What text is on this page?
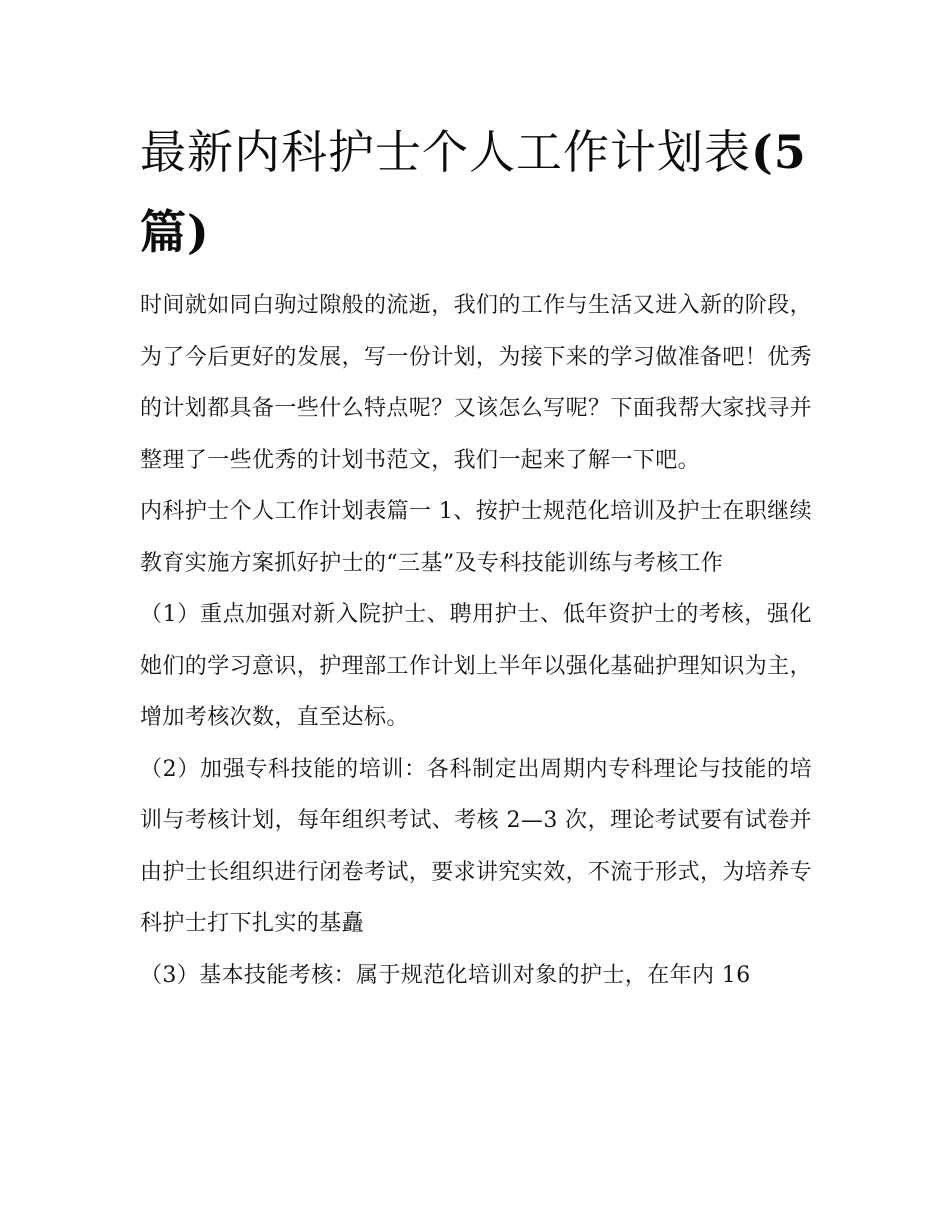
最新内科护士个人工作计划表(5 篇)

时间就如同白驹过隙般的流逝，我们的工作与生活又进入新的阶段，为了今后更好的发展，写一份计划，为接下来的学习做准备吧！优秀的计划都具备一些什么特点呢？又该怎么写呢？下面我帮大家找寻并整理了一些优秀的计划书范文，我们一起来了解一下吧。

内科护士个人工作计划表篇一 1、按护士规范化培训及护士在职继续教育实施方案抓好护士的“三基”及专科技能训练与考核工作

（1）重点加强对新入院护士、聘用护士、低年资护士的考核，强化她们的学习意识，护理部工作计划上半年以强化基础护理知识为主，增加考核次数，直至达标。

（2）加强专科技能的培训：各科制定出周期内专科理论与技能的培训与考核计划，每年组织考试、考核 2—3 次，理论考试要有试卷并由护士长组织进行闭卷考试，要求讲究实效，不流于形式，为培养专科护士打下扎实的基矗

（3）基本技能考核：属于规范化培训对象的护士，在年内 16
